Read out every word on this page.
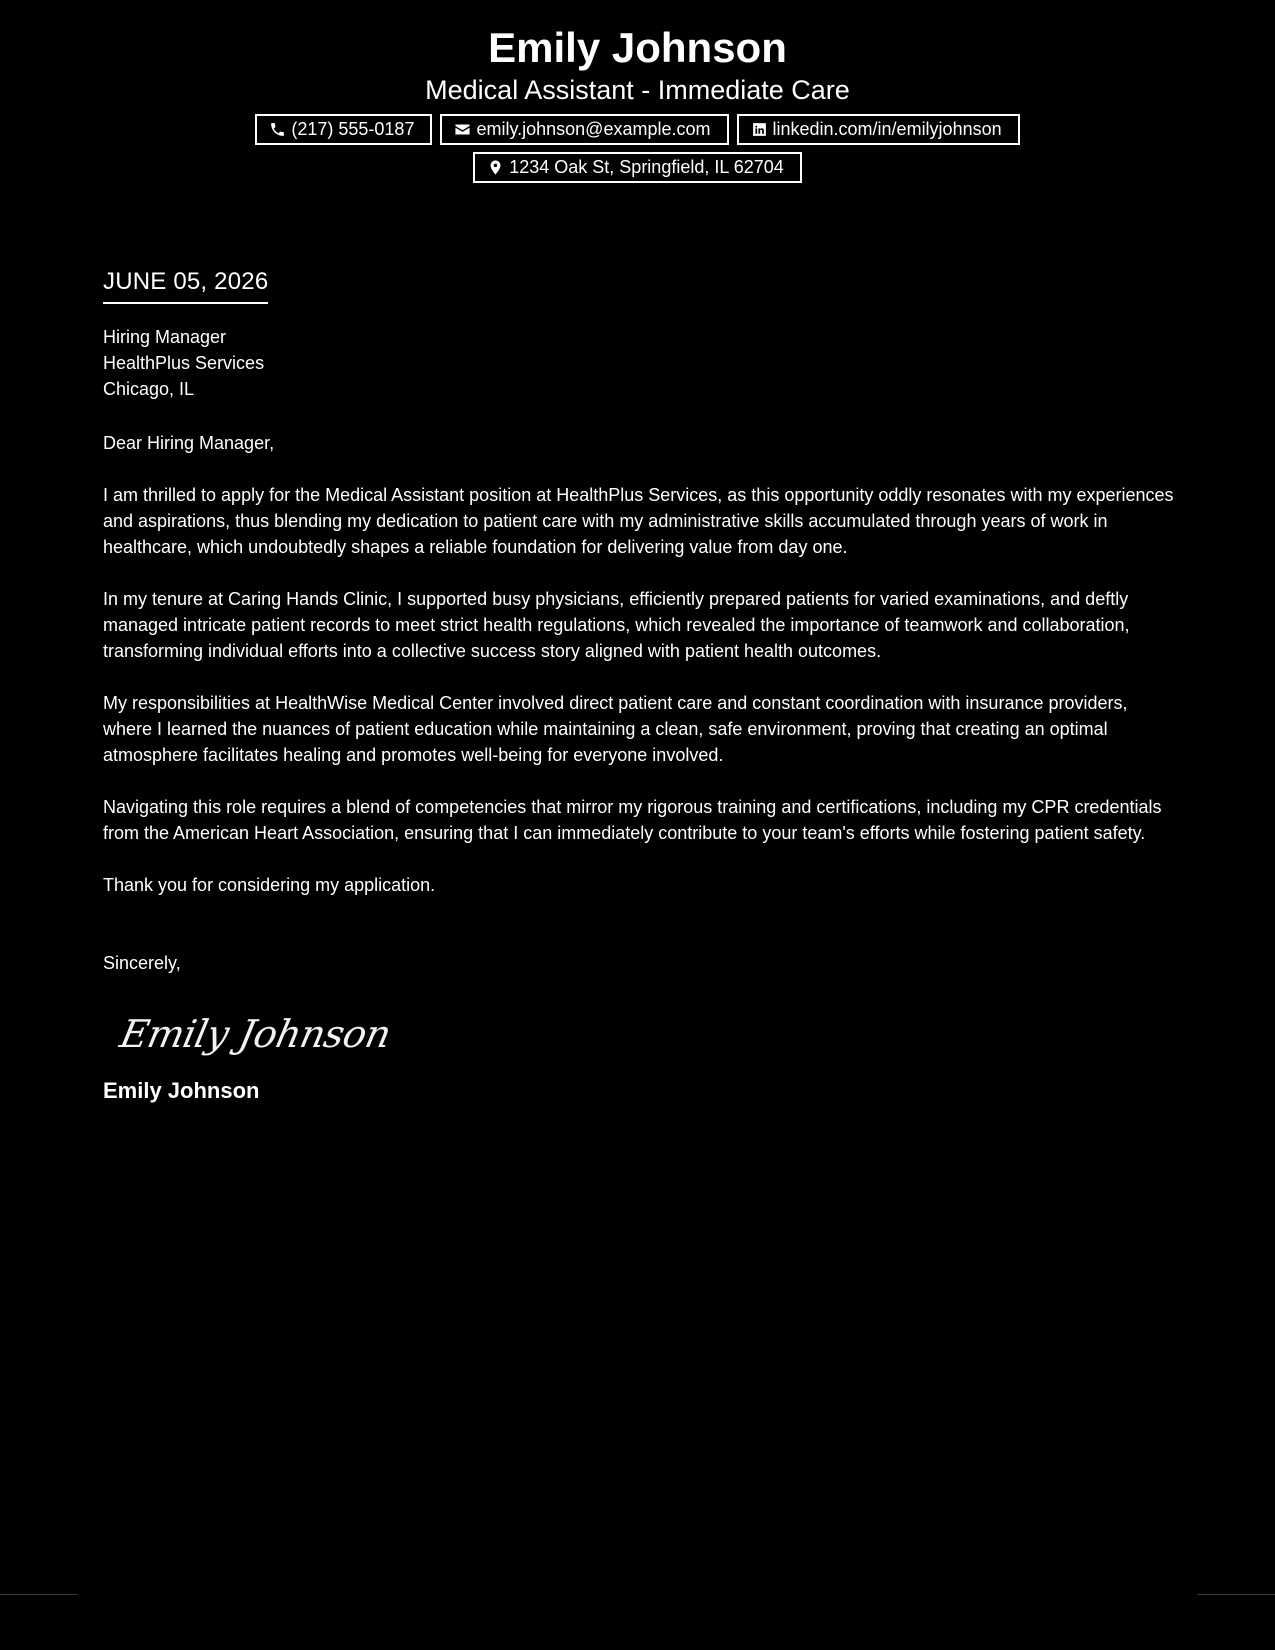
Emily Johnson

Medical Assistant - Immediate Care

(217) 555-0187	emily.johnson@example.com	linkedin.com/in/emilyjohnson
1234 Oak St, Springfield, IL 62704
JUNE 05, 2026
Hiring Manager
HealthPlus Services
Chicago, IL
Dear Hiring Manager,
I am thrilled to apply for the Medical Assistant position at HealthPlus Services, as this opportunity oddly resonates with my experiences and aspirations, thus blending my dedication to patient care with my administrative skills accumulated through years of work in healthcare, which undoubtedly shapes a reliable foundation for delivering value from day one.
In my tenure at Caring Hands Clinic, I supported busy physicians, efficiently prepared patients for varied examinations, and deftly managed intricate patient records to meet strict health regulations, which revealed the importance of teamwork and collaboration, transforming individual efforts into a collective success story aligned with patient health outcomes.
My responsibilities at HealthWise Medical Center involved direct patient care and constant coordination with insurance providers, where I learned the nuances of patient education while maintaining a clean, safe environment, proving that creating an optimal atmosphere facilitates healing and promotes well-being for everyone involved.
Navigating this role requires a blend of competencies that mirror my rigorous training and certifications, including my CPR credentials from the American Heart Association, ensuring that I can immediately contribute to your team's efforts while fostering patient safety.
Thank you for considering my application.
Sincerely,
Emily Johnson
Emily Johnson
